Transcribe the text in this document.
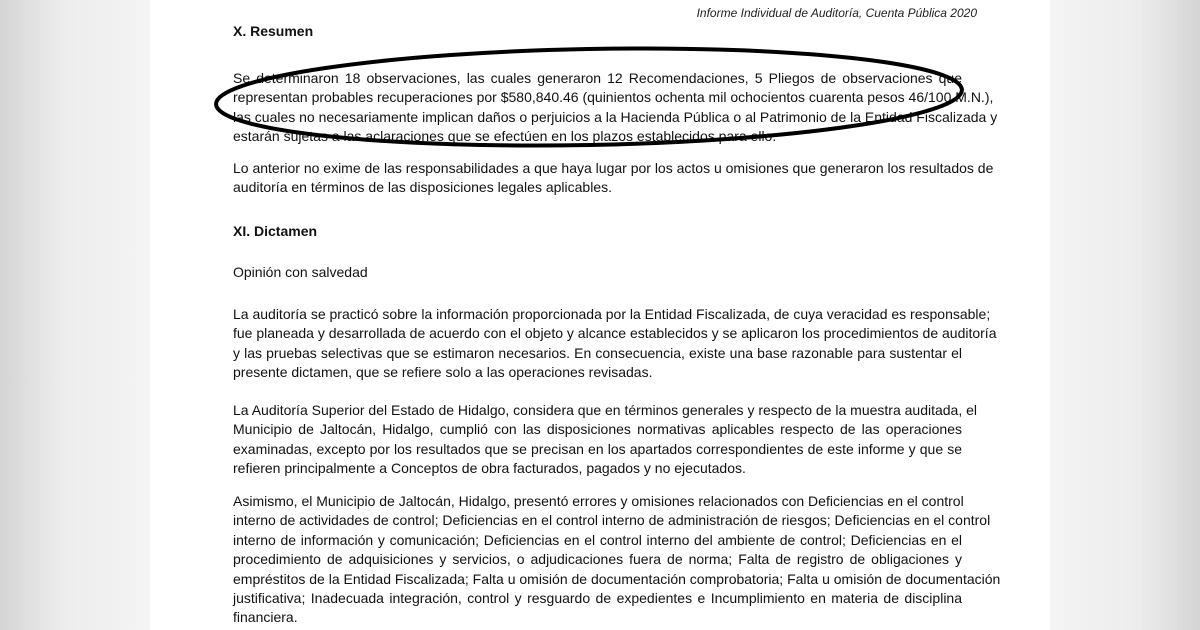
Informe Individual de Auditoría, Cuenta Pública 2020
X. Resumen
Se determinaron 18 observaciones, las cuales generaron 12 Recomendaciones, 5 Pliegos de observaciones que
representan probables recuperaciones por $580,840.46 (quinientos ochenta mil ochocientos cuarenta pesos 46/100 M.N.),
las cuales no necesariamente implican daños o perjuicios a la Hacienda Pública o al Patrimonio de la Entidad Fiscalizada y
estarán sujetas a las aclaraciones que se efectúen en los plazos establecidos para ello.
Lo anterior no exime de las responsabilidades a que haya lugar por los actos u omisiones que generaron los resultados de
auditoría en términos de las disposiciones legales aplicables.
XI. Dictamen
Opinión con salvedad
La auditoría se practicó sobre la información proporcionada por la Entidad Fiscalizada, de cuya veracidad es responsable;
fue planeada y desarrollada de acuerdo con el objeto y alcance establecidos y se aplicaron los procedimientos de auditoría
y las pruebas selectivas que se estimaron necesarios. En consecuencia, existe una base razonable para sustentar el
presente dictamen, que se refiere solo a las operaciones revisadas.
La Auditoría Superior del Estado de Hidalgo, considera que en términos generales y respecto de la muestra auditada, el
Municipio de Jaltocán, Hidalgo, cumplió con las disposiciones normativas aplicables respecto de las operaciones
examinadas, excepto por los resultados que se precisan en los apartados correspondientes de este informe y que se
refieren principalmente a Conceptos de obra facturados, pagados y no ejecutados.
Asimismo, el Municipio de Jaltocán, Hidalgo, presentó errores y omisiones relacionados con Deficiencias en el control
interno de actividades de control; Deficiencias en el control interno de administración de riesgos; Deficiencias en el control
interno de información y comunicación; Deficiencias en el control interno del ambiente de control; Deficiencias en el
procedimiento de adquisiciones y servicios, o adjudicaciones fuera de norma; Falta de registro de obligaciones y
empréstitos de la Entidad Fiscalizada; Falta u omisión de documentación comprobatoria; Falta u omisión de documentación
justificativa; Inadecuada integración, control y resguardo de expedientes e Incumplimiento en materia de disciplina
financiera.
